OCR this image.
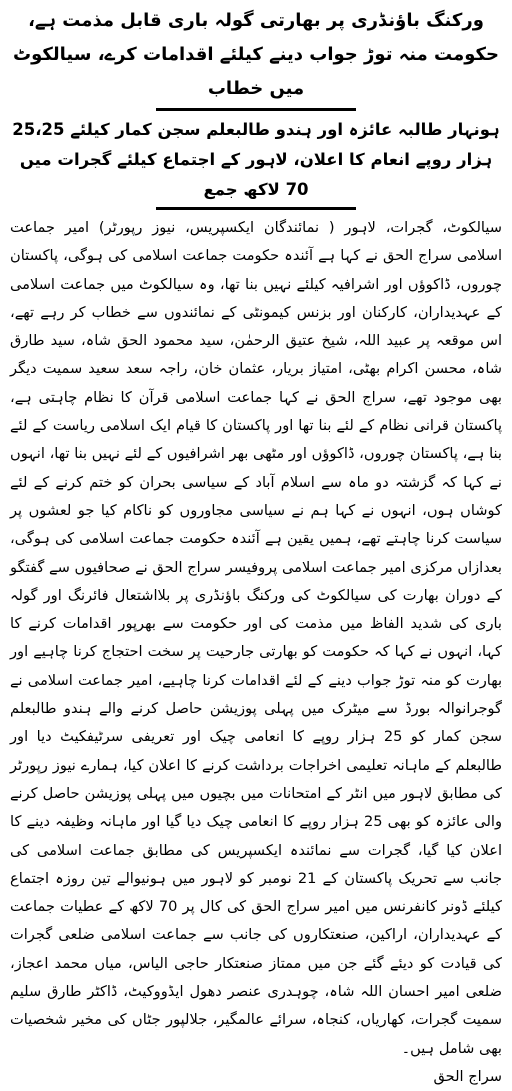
ورکنگ باؤنڈری پر بھارتی گولہ باری قابل مذمت ہے، حکومت منہ توڑ جواب دینے کیلئے اقدامات کرے، سیالکوٹ میں خطاب

ہونہار طالبہ عائزہ اور ہندو طالبعلم سجن کمار کیلئے 25،25 ہزار روپے انعام کا اعلان، لاہور کے اجتماع کیلئے گجرات میں 70 لاکھ جمع

سیالکوٹ، گجرات، لاہور ( نمائندگان ایکسپریس، نیوز رپورٹر) امیر جماعت اسلامی سراج الحق نے کہا ہے آئندہ حکومت جماعت اسلامی کی ہوگی، پاکستان چوروں، ڈاکوؤں اور اشرافیہ کیلئے نہیں بنا تھا، وہ سیالکوٹ میں جماعت اسلامی کے عہدیداران، کارکنان اور بزنس کیمونٹی کے نمائندوں سے خطاب کر رہے تھے، اس موقعہ پر عبید اللہ، شیخ عتیق الرحمٰن، سید محمود الحق شاہ، سید طارق شاہ، محسن اکرام بھٹی، امتیاز بریار، عثمان خان، راجہ سعد سعید سمیت دیگر بھی موجود تھے، سراج الحق نے کہا جماعت اسلامی قرآن کا نظام چاہتی ہے، پاکستان قرانی نظام کے لئے بنا تھا اور پاکستان کا قیام ایک اسلامی ریاست کے لئے بنا ہے، پاکستان چوروں، ڈاکوؤں اور مٹھی بھر اشرافیوں کے لئے نہیں بنا تھا، انہوں نے کہا کہ گزشتہ دو ماہ سے اسلام آباد کے سیاسی بحران کو ختم کرنے کے لئے کوشاں ہوں، انہوں نے کہا ہم نے سیاسی مجاوروں کو ناکام کیا جو لعشوں پر سیاست کرنا چاہتے تھے، ہمیں یقین ہے آئندہ حکومت جماعت اسلامی کی ہوگی، بعدازاں مرکزی امیر جماعت اسلامی پروفیسر سراج الحق نے صحافیوں سے گفتگو کے دوران بھارت کی سیالکوٹ کی ورکنگ باؤنڈری پر بلااشتعال فائرنگ اور گولہ باری کی شدید الفاظ میں مذمت کی اور حکومت سے بھرپور اقدامات کرنے کا کہا، انہوں نے کہا کہ حکومت کو بھارتی جارحیت پر سخت احتجاج کرنا چاہیے اور بھارت کو منہ توڑ جواب دینے کے لئے اقدامات کرنا چاہیے، امیر جماعت اسلامی نے گوجرانوالہ بورڈ سے میٹرک میں پہلی پوزیشن حاصل کرنے والے ہندو طالبعلم سجن کمار کو 25 ہزار روپے کا انعامی چیک اور تعریفی سرٹیفکیٹ دیا اور طالبعلم کے ماہانہ تعلیمی اخراجات برداشت کرنے کا اعلان کیا، ہمارے نیوز رپورٹر کی مطابق لاہور میں انٹر کے امتحانات میں بچیوں میں پہلی پوزیشن حاصل کرنے والی عائزہ کو بھی 25 ہزار روپے کا انعامی چیک دیا گیا اور ماہانہ وظیفہ دینے کا اعلان کیا گیا، گجرات سے نمائندہ ایکسپریس کی مطابق جماعت اسلامی کی جانب سے تحریک پاکستان کے 21 نومبر کو لاہور میں ہونیوالے تین روزہ اجتماع کیلئے ڈونر کانفرنس میں امیر سراج الحق کی کال پر 70 لاکھ کے عطیات جماعت کے عہدیداران، اراکین، صنعتکاروں کی جانب سے جماعت اسلامی ضلعی گجرات کی قیادت کو دیئے گئے جن میں ممتاز صنعتکار حاجی الیاس، میاں محمد اعجاز، ضلعی امیر احسان اللہ شاہ، چوہدری عنصر دھول ایڈووکیٹ، ڈاکٹر طارق سلیم سمیت گجرات، کھاریاں، کنجاہ، سرائے عالمگیر، جلالپور جٹاں کی مخیر شخصیات بھی شامل ہیں۔

سراج الحق
